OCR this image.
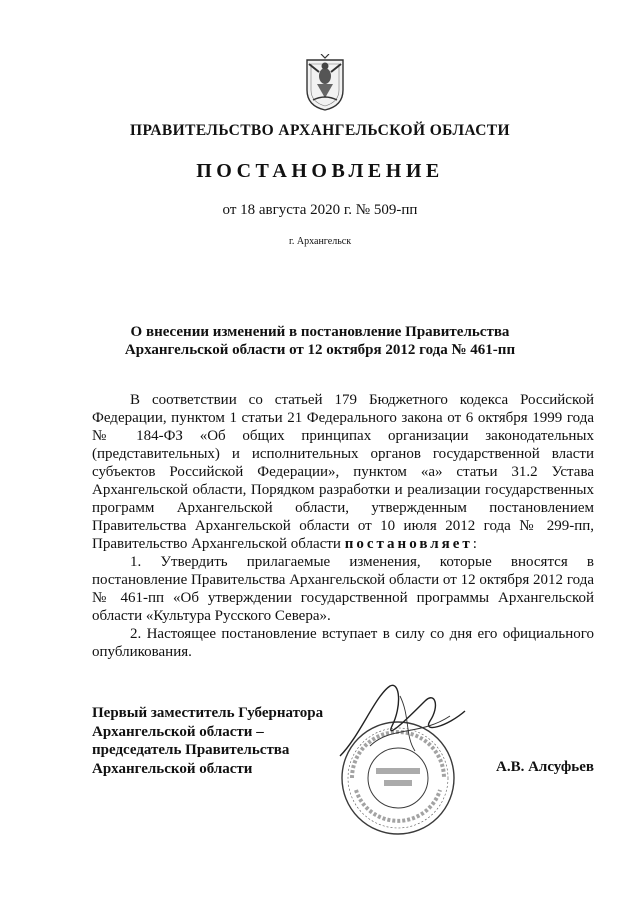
ПРАВИТЕЛЬСТВО АРХАНГЕЛЬСКОЙ ОБЛАСТИ
ПОСТАНОВЛЕНИЕ
от 18 августа 2020 г. № 509-пп
г. Архангельск
О внесении изменений в постановление Правительства
Архангельской области от 12 октября 2012 года № 461-пп

В соответствии со статьей 179 Бюджетного кодекса Российской Федерации, пунктом 1 статьи 21 Федерального закона от 6 октября 1999 года № 184-ФЗ «Об общих принципах организации законодательных (представительных) и исполнительных органов государственной власти субъектов Российской Федерации», пунктом «а» статьи 31.2 Устава Архангельской области, Порядком разработки и реализации государственных программ Архангельской области, утвержденным постановлением Правительства Архангельской области от 10 июля 2012 года № 299-пп, Правительство Архангельской области постановляет:

1. Утвердить прилагаемые изменения, которые вносятся в постановление Правительства Архангельской области от 12 октября 2012 года № 461-пп «Об утверждении государственной программы Архангельской области «Культура Русского Севера».

2. Настоящее постановление вступает в силу со дня его официального опубликования.

Первый заместитель Губернатора
Архангельской области –
председатель Правительства
Архангельской области	А.В. Алсуфьев
